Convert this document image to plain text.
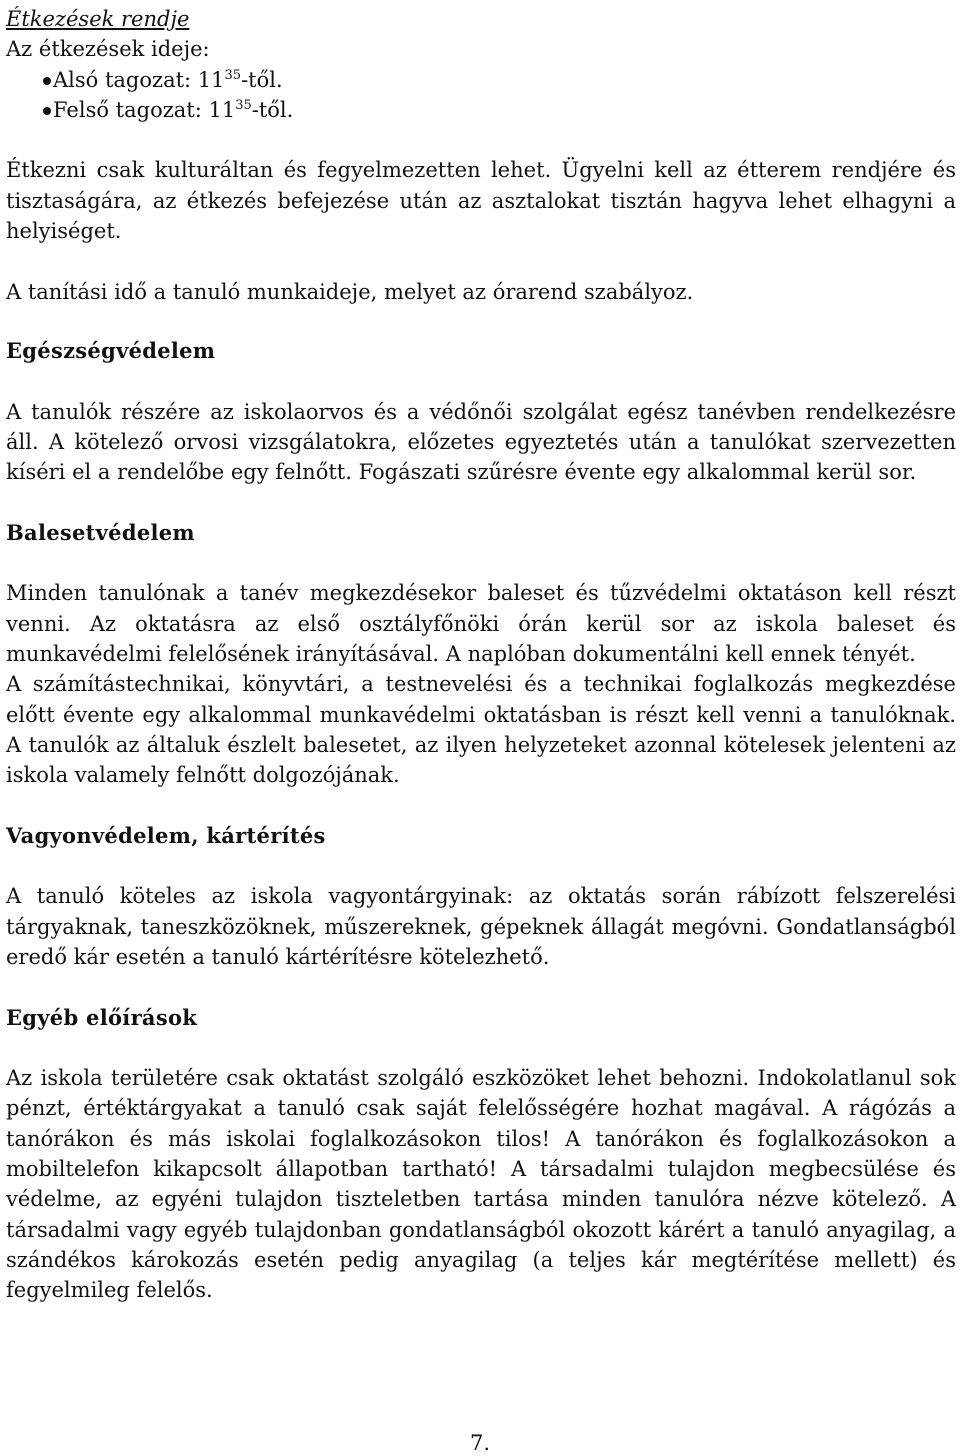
Étkezések rendje

Az étkezések ideje:

Alsó tagozat: $11^{35}$-től.
Felső tagozat: $11^{35}$-től.

Étkezni csak kulturáltan és fegyelmezetten lehet. Ügyelni kell az étterem rendjére és tisztaságára, az étkezés befejezése után az asztalokat tisztán hagyva lehet elhagyni a helyiséget.

A tanítási idő a tanuló munkaideje, melyet az órarend szabályoz.

Egészségvédelem

A tanulók részére az iskolaorvos és a védőnői szolgálat egész tanévben rendelkezésre áll. A kötelező orvosi vizsgálatokra, előzetes egyeztetés után a tanulókat szervezetten kíséri el a rendelőbe egy felnőtt. Fogászati szűrésre évente egy alkalommal kerül sor.

Balesetvédelem

Minden tanulónak a tanév megkezdésekor baleset és tűzvédelmi oktatáson kell részt venni. Az oktatásra az első osztályfőnöki órán kerül sor az iskola baleset és munkavédelmi felelősének irányításával. A naplóban dokumentálni kell ennek tényét.

A számítástechnikai, könyvtári, a testnevelési és a technikai foglalkozás megkezdése előtt évente egy alkalommal munkavédelmi oktatásban is részt kell venni a tanulóknak. A tanulók az általuk észlelt balesetet, az ilyen helyzeteket azonnal kötelesek jelenteni az iskola valamely felnőtt dolgozójának.

Vagyonvédelem, kártérítés

A tanuló köteles az iskola vagyontárgyinak: az oktatás során rábízott felszerelési tárgyaknak, taneszközöknek, műszereknek, gépeknek állagát megóvni. Gondatlanságból eredő kár esetén a tanuló kártérítésre kötelezhető.

Egyéb előírások

Az iskola területére csak oktatást szolgáló eszközöket lehet behozni. Indokolatlanul sok pénzt, értéktárgyakat a tanuló csak saját felelősségére hozhat magával. A rágózás a tanórákon és más iskolai foglalkozásokon tilos! A tanórákon és foglalkozásokon a mobiltelefon kikapcsolt állapotban tartható! A társadalmi tulajdon megbecsülése és védelme, az egyéni tulajdon tiszteletben tartása minden tanulóra nézve kötelező. A társadalmi vagy egyéb tulajdonban gondatlanságból okozott kárért a tanuló anyagilag, a szándékos károkozás esetén pedig anyagilag (a teljes kár megtérítése mellett) és fegyelmileg felelős.

7.
